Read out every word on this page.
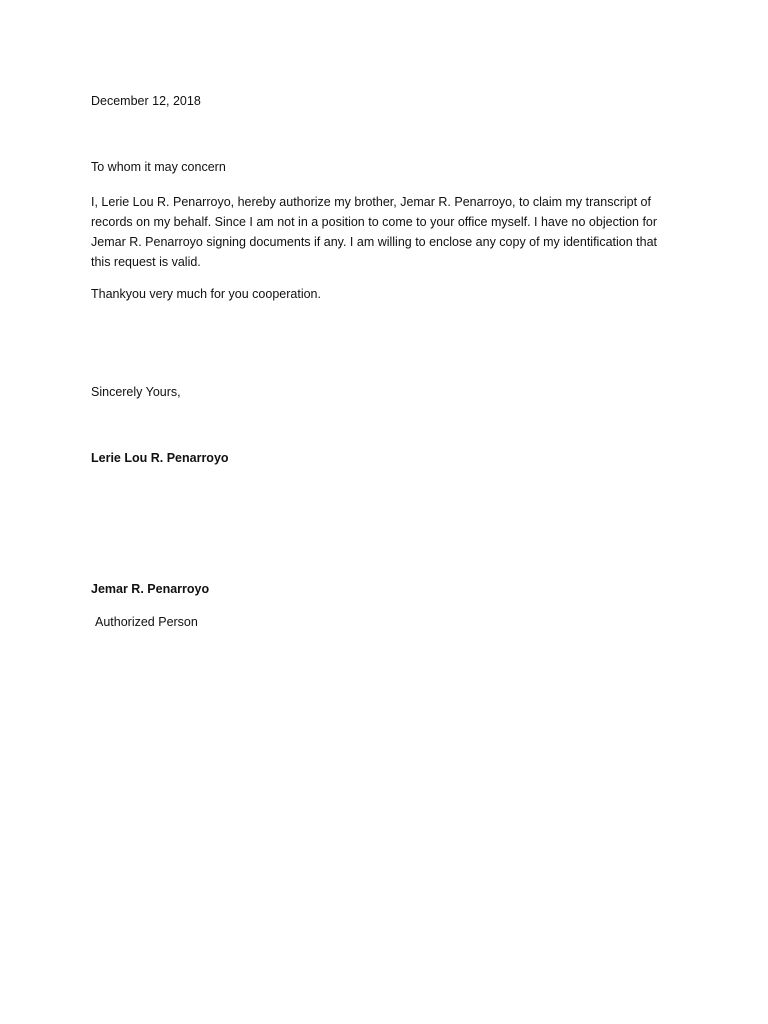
December 12, 2018
To whom it may concern
I, Lerie Lou R. Penarroyo, hereby authorize my brother, Jemar R. Penarroyo, to claim my transcript of
records on my behalf. Since I am not in a position to come to your office myself. I have no objection for
Jemar R. Penarroyo signing documents if any. I am willing to enclose any copy of my identification that
this request is valid.
Thankyou very much for you cooperation.
Sincerely Yours,
Lerie Lou R. Penarroyo
Jemar R. Penarroyo
Authorized Person
